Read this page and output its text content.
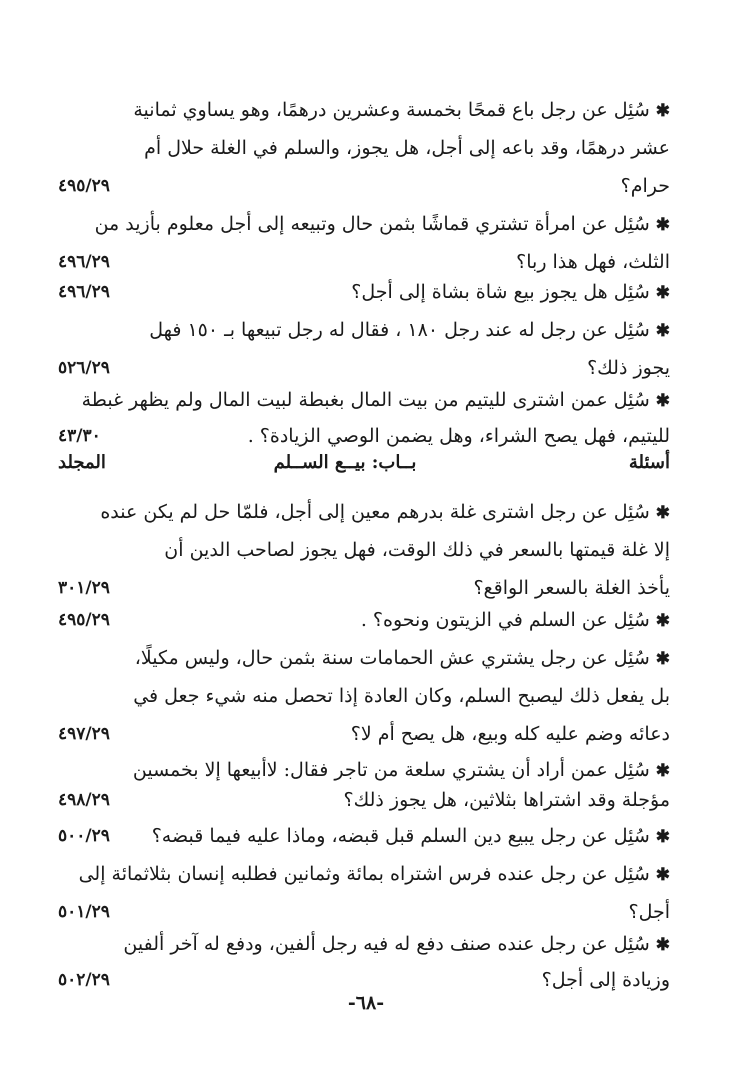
✱سُئِل عن رجل باع قمحًا بخمسة وعشرين درهمًا، وهو يساوي ثمانية
عشر درهمًا، وقد باعه إلى أجل، هل يجوز، والسلم في الغلة حلال أم
حرام؟
٤٩٥/٢٩
✱سُئِل عن امرأة تشتري قماشًا بثمن حال وتبيعه إلى أجل معلوم بأزيد من
الثلث، فهل هذا ربا؟
٤٩٦/٢٩
✱سُئِل هل يجوز بيع شاة بشاة إلى أجل؟
٤٩٦/٢٩
✱سُئِل عن رجل له عند رجل ١٨٠ ، فقال له رجل تبيعها بـ ١٥٠ فهل
يجوز ذلك؟
٥٢٦/٢٩
✱سُئِل عمن اشترى لليتيم من بيت المال بغبطة لبيت المال ولم يظهر غبطة
لليتيم، فهل يصح الشراء، وهل يضمن الوصي الزيادة؟ .
٤٣/٣٠
أسئلة
بــاب: بيــع الســلم
المجلد
✱سُئِل عن رجل اشترى غلة بدرهم معين إلى أجل، فلمّا حل لم يكن عنده
إلا غلة قيمتها بالسعر في ذلك الوقت، فهل يجوز لصاحب الدين أن
يأخذ الغلة بالسعر الواقع؟
٣٠١/٢٩
✱سُئِل عن السلم في الزيتون ونحوه؟ .
٤٩٥/٢٩
✱سُئِل عن رجل يشتري عش الحمامات سنة بثمن حال، وليس مكيلًا،
بل يفعل ذلك ليصبح السلم، وكان العادة إذا تحصل منه شيء جعل في
دعائه وضم عليه كله وبيع، هل يصح أم لا؟
٤٩٧/٢٩
✱سُئِل عمن أراد أن يشتري سلعة من تاجر فقال: لاأبيعها إلا بخمسين
مؤجلة وقد اشتراها بثلاثين، هل يجوز ذلك؟
٤٩٨/٢٩
✱سُئِل عن رجل يبيع دين السلم قبل قبضه، وماذا عليه فيما قبضه؟
٥٠٠/٢٩
✱سُئِل عن رجل عنده فرس اشتراه بمائة وثمانين فطلبه إنسان بثلاثمائة إلى
أجل؟
٥٠١/٢٩
✱سُئِل عن رجل عنده صنف دفع له فيه رجل ألفين، ودفع له آخر ألفين
وزيادة إلى أجل؟
٥٠٢/٢٩
-٦٨-
